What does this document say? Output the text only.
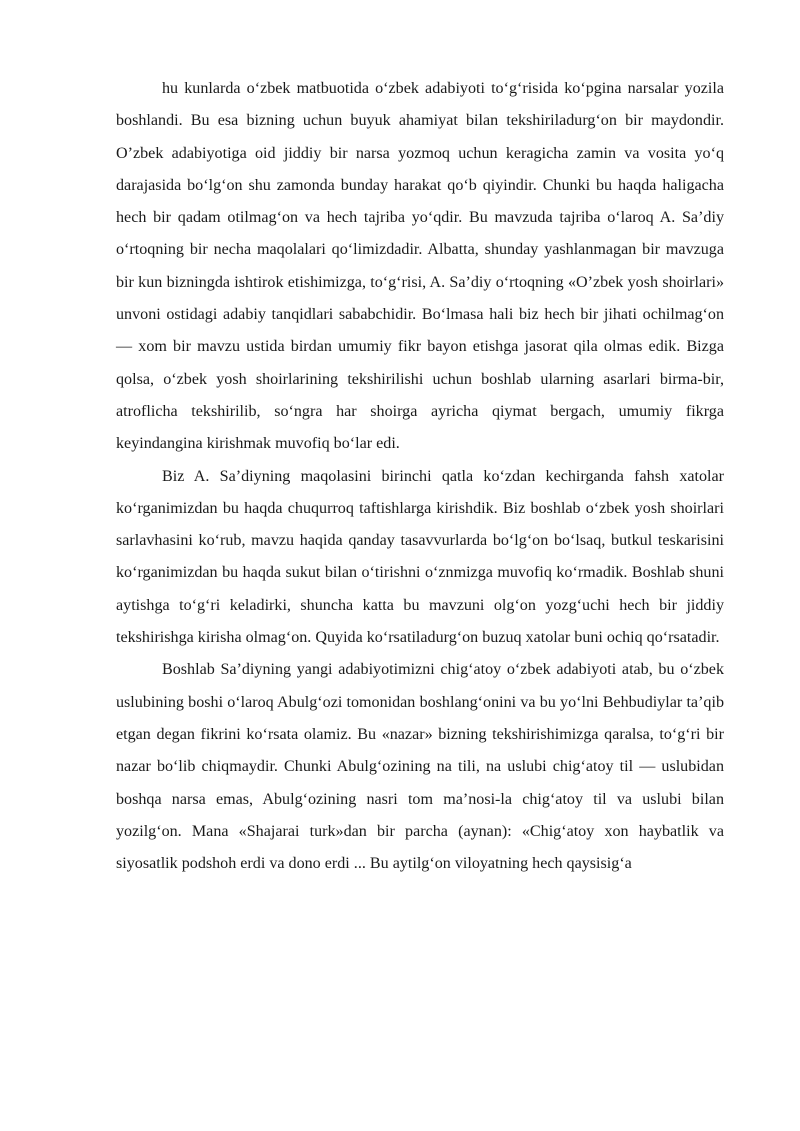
hu kunlarda o‘zbek matbuotida o‘zbek adabiyoti to‘g‘risida ko‘pgina narsalar yozila boshlandi. Bu esa bizning uchun buyuk ahamiyat bilan tekshiriladurg‘on bir maydondir. O’zbek adabiyotiga oid jiddiy bir narsa yozmoq uchun keragicha zamin va vosita yo‘q darajasida bo‘lg‘on shu zamonda bunday harakat qo‘b qiyindir. Chunki bu haqda haligacha hech bir qadam otilmag‘on va hech tajriba yo‘qdir. Bu mavzuda tajriba o‘laroq A. Sa’diy o‘rtoqning bir necha maqolalari qo‘limizdadir. Albatta, shunday yashlanmagan bir mavzuga bir kun bizningda ishtirok etishimizga, to‘g‘risi, A. Sa’diy o‘rtoqning «O’zbek yosh shoirlari» unvoni ostidagi adabiy tanqidlari sababchidir. Bo‘lmasa hali biz hech bir jihati ochilmag‘on — xom bir mavzu ustida birdan umumiy fikr bayon etishga jasorat qila olmas edik. Bizga qolsa, o‘zbek yosh shoirlarining tekshirilishi uchun boshlab ularning asarlari birma-bir, atroflicha tekshirilib, so‘ngra har shoirga ayricha qiymat bergach, umumiy fikrga keyindangina kirishmak muvofiq bo‘lar edi.

Biz A. Sa’diyning maqolasini birinchi qatla ko‘zdan kechirganda fahsh xatolar ko‘rganimizdan bu haqda chuqurroq taftishlarga kirishdik. Biz boshlab o‘zbek yosh shoirlari sarlavhasini ko‘rub, mavzu haqida qanday tasavvurlarda bo‘lg‘on bo‘lsaq, butkul teskarisini ko‘rganimizdan bu haqda sukut bilan o‘tirishni o‘znmizga muvofiq ko‘rmadik. Boshlab shuni aytishga to‘g‘ri keladirki, shuncha katta bu mavzuni olg‘on yozg‘uchi hech bir jiddiy tekshirishga kirisha olmag‘on. Quyida ko‘rsatiladurg‘on buzuq xatolar buni ochiq qo‘rsatadir.

Boshlab Sa’diyning yangi adabiyotimizni chig‘atoy o‘zbek adabiyoti atab, bu o‘zbek uslubining boshi o‘laroq Abulg‘ozi tomonidan boshlang‘onini va bu yo‘lni Behbudiylar ta’qib etgan degan fikrini ko‘rsata olamiz. Bu «nazar» bizning tekshirishimizga qaralsa, to‘g‘ri bir nazar bo‘lib chiqmaydir. Chunki Abulg‘ozining na tili, na uslubi chig‘atoy til — uslubidan boshqa narsa emas, Abulg‘ozining nasri tom ma’nosi-la chig‘atoy til va uslubi bilan yozilg‘on. Mana «Shajarai turk»dan bir parcha (aynan): «Chig‘atoy xon haybatlik va siyosatlik podshoh erdi va dono erdi ... Bu aytilg‘on viloyatning hech qaysisig‘a
